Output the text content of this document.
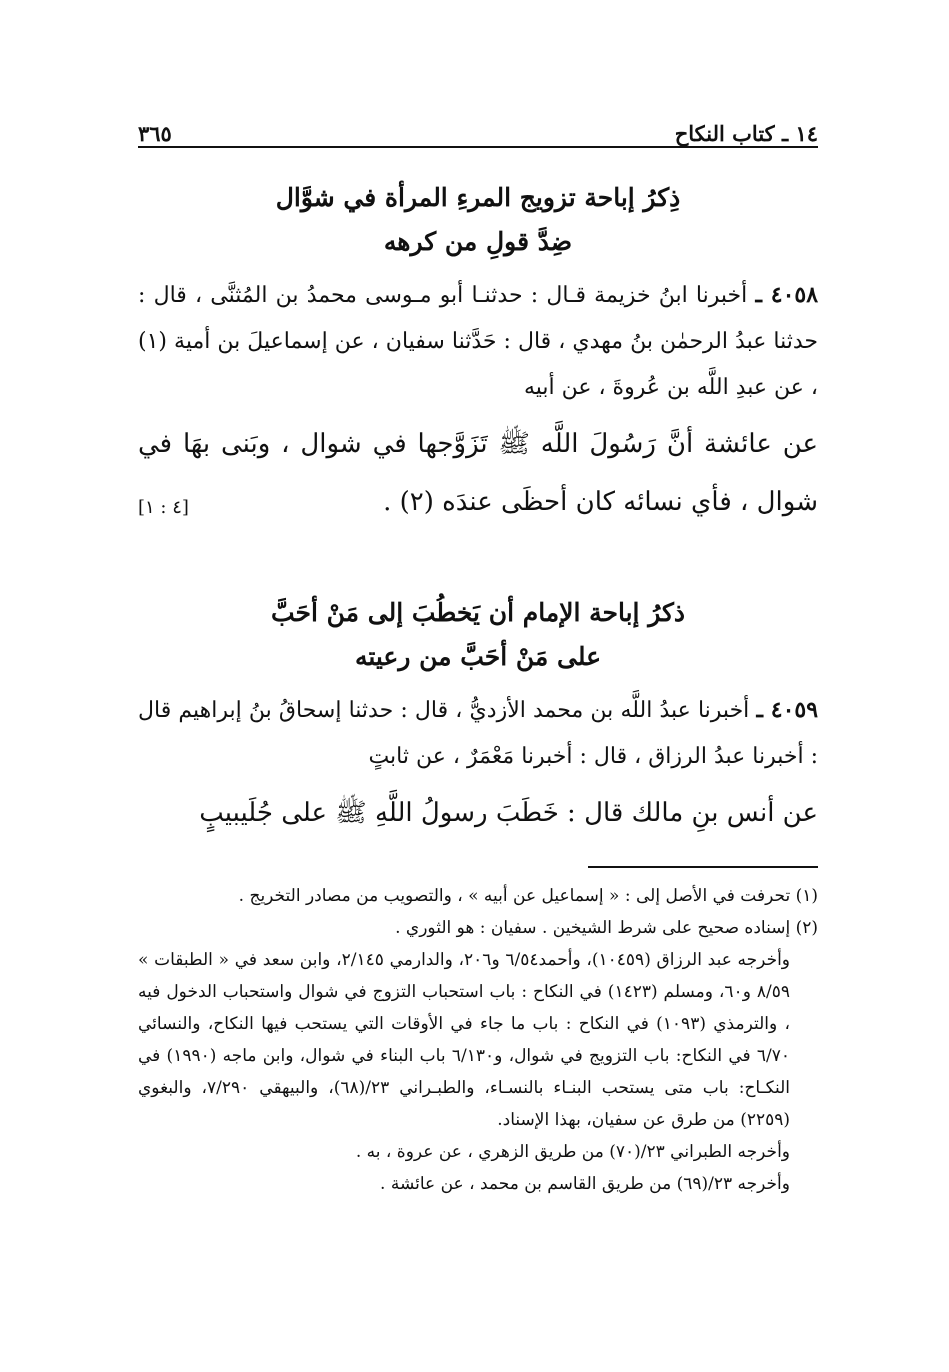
١٤ ـ كتاب النكاح
٣٦٥
ذِكرُ إباحة تزويج المرءِ المرأة في شوَّال
ضِدَّ قولِ من كرهه
٤٠٥٨ ـ أخبرنا ابنُ خزيمة قـال : حدثنـا أبو مـوسى محمدُ بن المُثنَّى ، قال : حدثنا عبدُ الرحمٰن بنُ مهدي ، قال : حَدَّثنا سفيان ، عن إسماعيلَ بن أمية (١) ، عن عبدِ اللَّه بن عُروةَ ، عن أبيه
عن عائشة أنَّ رَسُولَ اللَّه ﷺ تَزَوَّجها في شوال ، وبَنى بهَا في شوال ، فأي نسائه كان أحظَى عندَه (٢) .
[٤ : ١]
ذكرُ إباحة الإمام أن يَخطُبَ إلى مَنْ أحَبَّ
على مَنْ أحَبَّ من رعيته
٤٠٥٩ ـ أخبرنا عبدُ اللَّه بن محمد الأزديُّ ، قال : حدثنا إسحاقُ بنُ إبراهيم قال : أخبرنا عبدُ الرزاق ، قال : أخبرنا مَعْمَرٌ ، عن ثابتٍ
عن أنس بنِ مالك قال : خَطَبَ رسولُ اللَّهِ ﷺ على جُلَيبيبٍ
(١) تحرفت في الأصل إلى : « إسماعيل عن أبيه » ، والتصويب من مصادر التخريج .
(٢) إسناده صحيح على شرط الشيخين . سفيان : هو الثوري .
وأخرجه عبد الرزاق (١٠٤٥٩)، وأحمد٦/٥٤ و٢٠٦، والدارمي ٢/١٤٥، وابن سعد في « الطبقات » ٨/٥٩ و٦٠، ومسلم (١٤٢٣) في النكاح : باب استحباب التزوج في شوال واستحباب الدخول فيه ، والترمذي (١٠٩٣) في النكاح : باب ما جاء في الأوقات التي يستحب فيها النكاح، والنسائي ٦/٧٠ في النكاح: باب التزويج في شوال، و٦/١٣٠ باب البناء في شوال، وابن ماجه (١٩٩٠) في النكـاح: باب متى يستحب البنـاء بالنسـاء، والطبـراني ٢٣/(٦٨)، والبيهقي ٧/٢٩٠، والبغوي (٢٢٥٩) من طرق عن سفيان، بهذا الإسناد.
وأخرجه الطبراني ٢٣/(٧٠) من طريق الزهري ، عن عروة ، به .
وأخرجه ٢٣/(٦٩) من طريق القاسم بن محمد ، عن عائشة .
